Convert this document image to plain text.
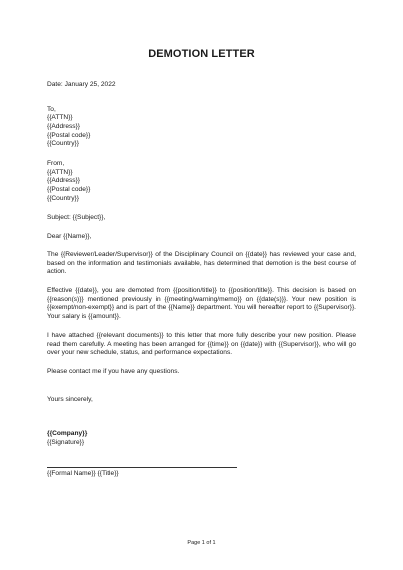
DEMOTION LETTER
Date: January 25, 2022
To,
{{ATTN}}
{{Address}}
{{Postal code}}
{{Country}}
From,
{{ATTN}}
{{Address}}
{{Postal code}}
{{Country}}
Subject: {{Subject}},
Dear {{Name}},
The {{Reviewer/Leader/Supervisor}} of the Disciplinary Council on {{date}} has reviewed your case and, based on the information and testimonials available, has determined that demotion is the best course of action.
Effective {{date}}, you are demoted from {{position/title}} to {{position/title}}. This decision is based on {{reason(s)}} mentioned previously in {{meeting/warning/memo}} on {{date(s)}}. Your new position is {{exempt/non-exempt}} and is part of the {{Name}} department. You will hereafter report to {{Supervisor}}. Your salary is {{amount}}.
I have attached {{relevant documents}} to this letter that more fully describe your new position. Please read them carefully. A meeting has been arranged for {{time}} on {{date}} with {{Supervisor}}, who will go over your new schedule, status, and performance expectations.
Please contact me if you have any questions.
Yours sincerely,
{{Company}}
{{Signature}}
{{Formal Name}} {{Title}}
Page 1 of 1
